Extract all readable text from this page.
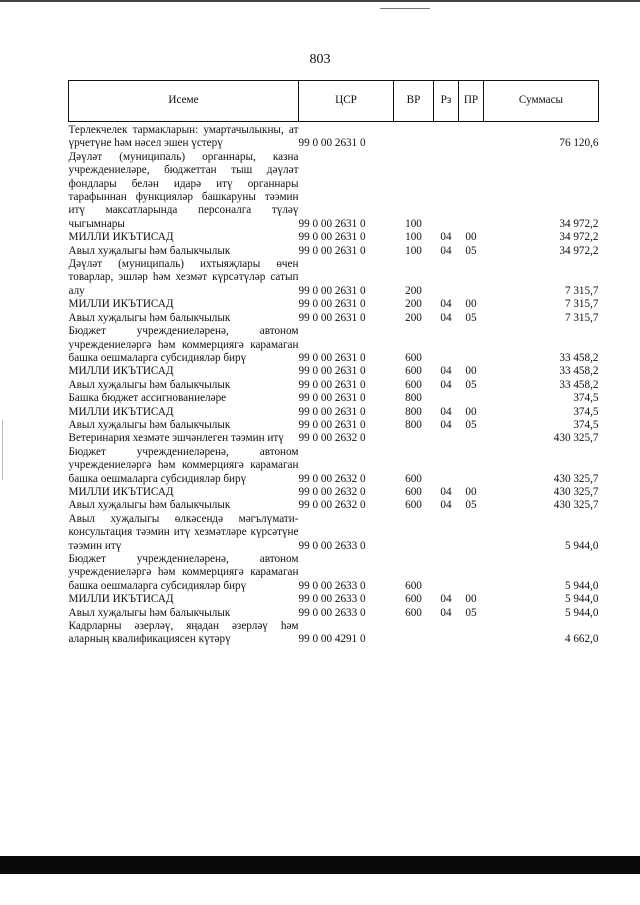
803
Исеме	ЦСР	ВР	Рз	ПР	Суммасы

Терлекчелек тармакларын: умартачылыкны, ат үрчетүне һәм нәсел эшен үстерү	99 0 00 2631 0				76 120,6
Дәүләт (муниципаль) органнары, казна учреждениеләре, бюджеттан тыш дәүләт фондлары белән идарә итү органнары тарафыннан функцияләр башкаруны тәэмин итү максатларында персоналга түләү чыгымнары	99 0 00 2631 0	100			34 972,2
МИЛЛИ ИКЪТИСАД	99 0 00 2631 0	100	04	00	34 972,2
Авыл хуҗалыгы һәм балыкчылык	99 0 00 2631 0	100	04	05	34 972,2
Дәүләт (муниципаль) ихтыяҗлары өчен товарлар, эшләр һәм хезмәт күрсәтүләр сатып алу	99 0 00 2631 0	200			7 315,7
МИЛЛИ ИКЪТИСАД	99 0 00 2631 0	200	04	00	7 315,7
Авыл хуҗалыгы һәм балыкчылык	99 0 00 2631 0	200	04	05	7 315,7
Бюджет учреждениеләренә, автоном учреждениеләргә һәм коммерциягә карамаган башка оешмаларга субсидияләр бирү	99 0 00 2631 0	600			33 458,2
МИЛЛИ ИКЪТИСАД	99 0 00 2631 0	600	04	00	33 458,2
Авыл хуҗалыгы һәм балыкчылык	99 0 00 2631 0	600	04	05	33 458,2
Башка бюджет ассигнованиеләре	99 0 00 2631 0	800			374,5
МИЛЛИ ИКЪТИСАД	99 0 00 2631 0	800	04	00	374,5
Авыл хуҗалыгы һәм балыкчылык	99 0 00 2631 0	800	04	05	374,5
Ветеринария хезмәте эшчәнлеген тәэмин итү	99 0 00 2632 0				430 325,7
Бюджет учреждениеләренә, автоном учреждениеләргә һәм коммерциягә карамаган башка оешмаларга субсидияләр бирү	99 0 00 2632 0	600			430 325,7
МИЛЛИ ИКЪТИСАД	99 0 00 2632 0	600	04	00	430 325,7
Авыл хуҗалыгы һәм балыкчылык	99 0 00 2632 0	600	04	05	430 325,7
Авыл хуҗалыгы өлкәсендә мәгълүмати-консультация тәэмин итү хезмәтләре күрсәтүне тәэмин итү	99 0 00 2633 0				5 944,0
Бюджет учреждениеләренә, автоном учреждениеләргә һәм коммерциягә карамаган башка оешмаларга субсидияләр бирү	99 0 00 2633 0	600			5 944,0
МИЛЛИ ИКЪТИСАД	99 0 00 2633 0	600	04	00	5 944,0
Авыл хуҗалыгы һәм балыкчылык	99 0 00 2633 0	600	04	05	5 944,0
Кадрларны әзерләү, яңадан әзерләү һәм аларның квалификациясен күтәрү	99 0 00 4291 0				4 662,0
